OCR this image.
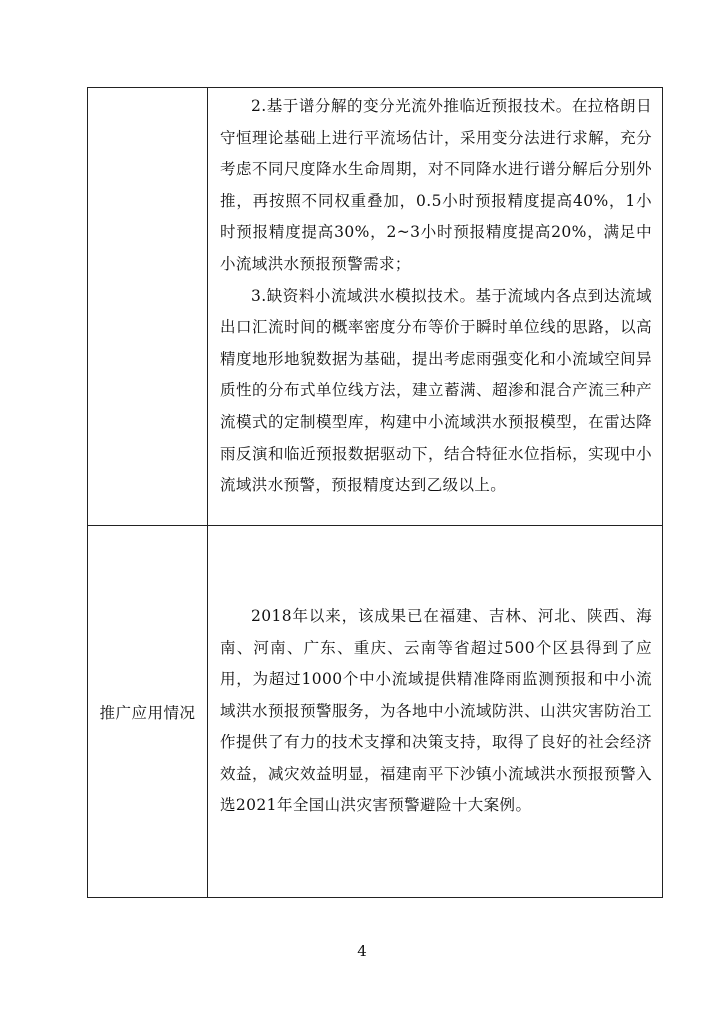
2.基于谱分解的变分光流外推临近预报技术。在拉格朗日守恒理论基础上进行平流场估计，采用变分法进行求解，充分考虑不同尺度降水生命周期，对不同降水进行谱分解后分别外推，再按照不同权重叠加，0.5小时预报精度提高40%，1小时预报精度提高30%，2~3小时预报精度提高20%，满足中小流域洪水预报预警需求；

3.缺资料小流域洪水模拟技术。基于流域内各点到达流域出口汇流时间的概率密度分布等价于瞬时单位线的思路，以高精度地形地貌数据为基础，提出考虑雨强变化和小流域空间异质性的分布式单位线方法，建立蓄满、超渗和混合产流三种产流模式的定制模型库，构建中小流域洪水预报模型，在雷达降雨反演和临近预报数据驱动下，结合特征水位指标，实现中小流域洪水预警，预报精度达到乙级以上。

推广应用情况

2018年以来，该成果已在福建、吉林、河北、陕西、海南、河南、广东、重庆、云南等省超过500个区县得到了应用，为超过1000个中小流域提供精准降雨监测预报和中小流域洪水预报预警服务，为各地中小流域防洪、山洪灾害防治工作提供了有力的技术支撑和决策支持，取得了良好的社会经济效益，减灾效益明显，福建南平下沙镇小流域洪水预报预警入选2021年全国山洪灾害预警避险十大案例。

4
